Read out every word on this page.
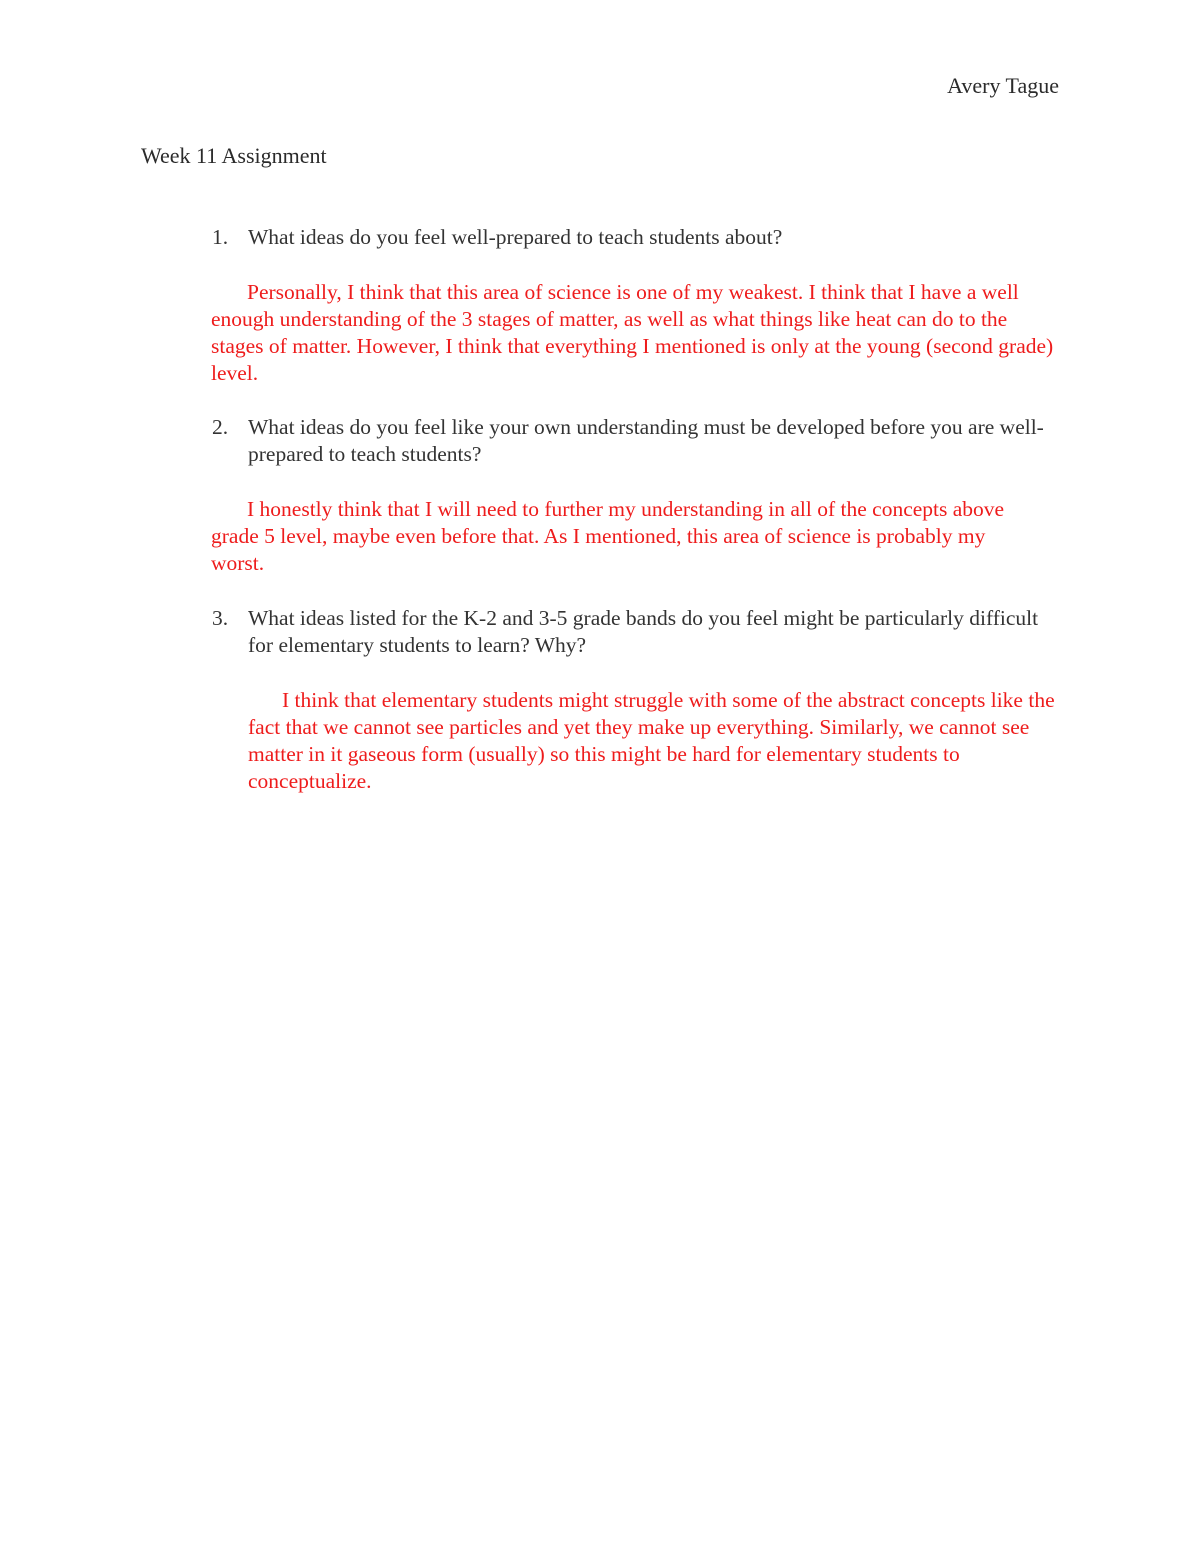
Avery Tague
Week 11 Assignment
1. What ideas do you feel well-prepared to teach students about?
Personally, I think that this area of science is one of my weakest. I think that I have a well enough understanding of the 3 stages of matter, as well as what things like heat can do to the stages of matter. However, I think that everything I mentioned is only at the young (second grade) level.
2. What ideas do you feel like your own understanding must be developed before you are well-prepared to teach students?
I honestly think that I will need to further my understanding in all of the concepts above grade 5 level, maybe even before that. As I mentioned, this area of science is probably my worst.
3. What ideas listed for the K-2 and 3-5 grade bands do you feel might be particularly difficult for elementary students to learn? Why?
I think that elementary students might struggle with some of the abstract concepts like the fact that we cannot see particles and yet they make up everything. Similarly, we cannot see matter in it gaseous form (usually) so this might be hard for elementary students to conceptualize.
